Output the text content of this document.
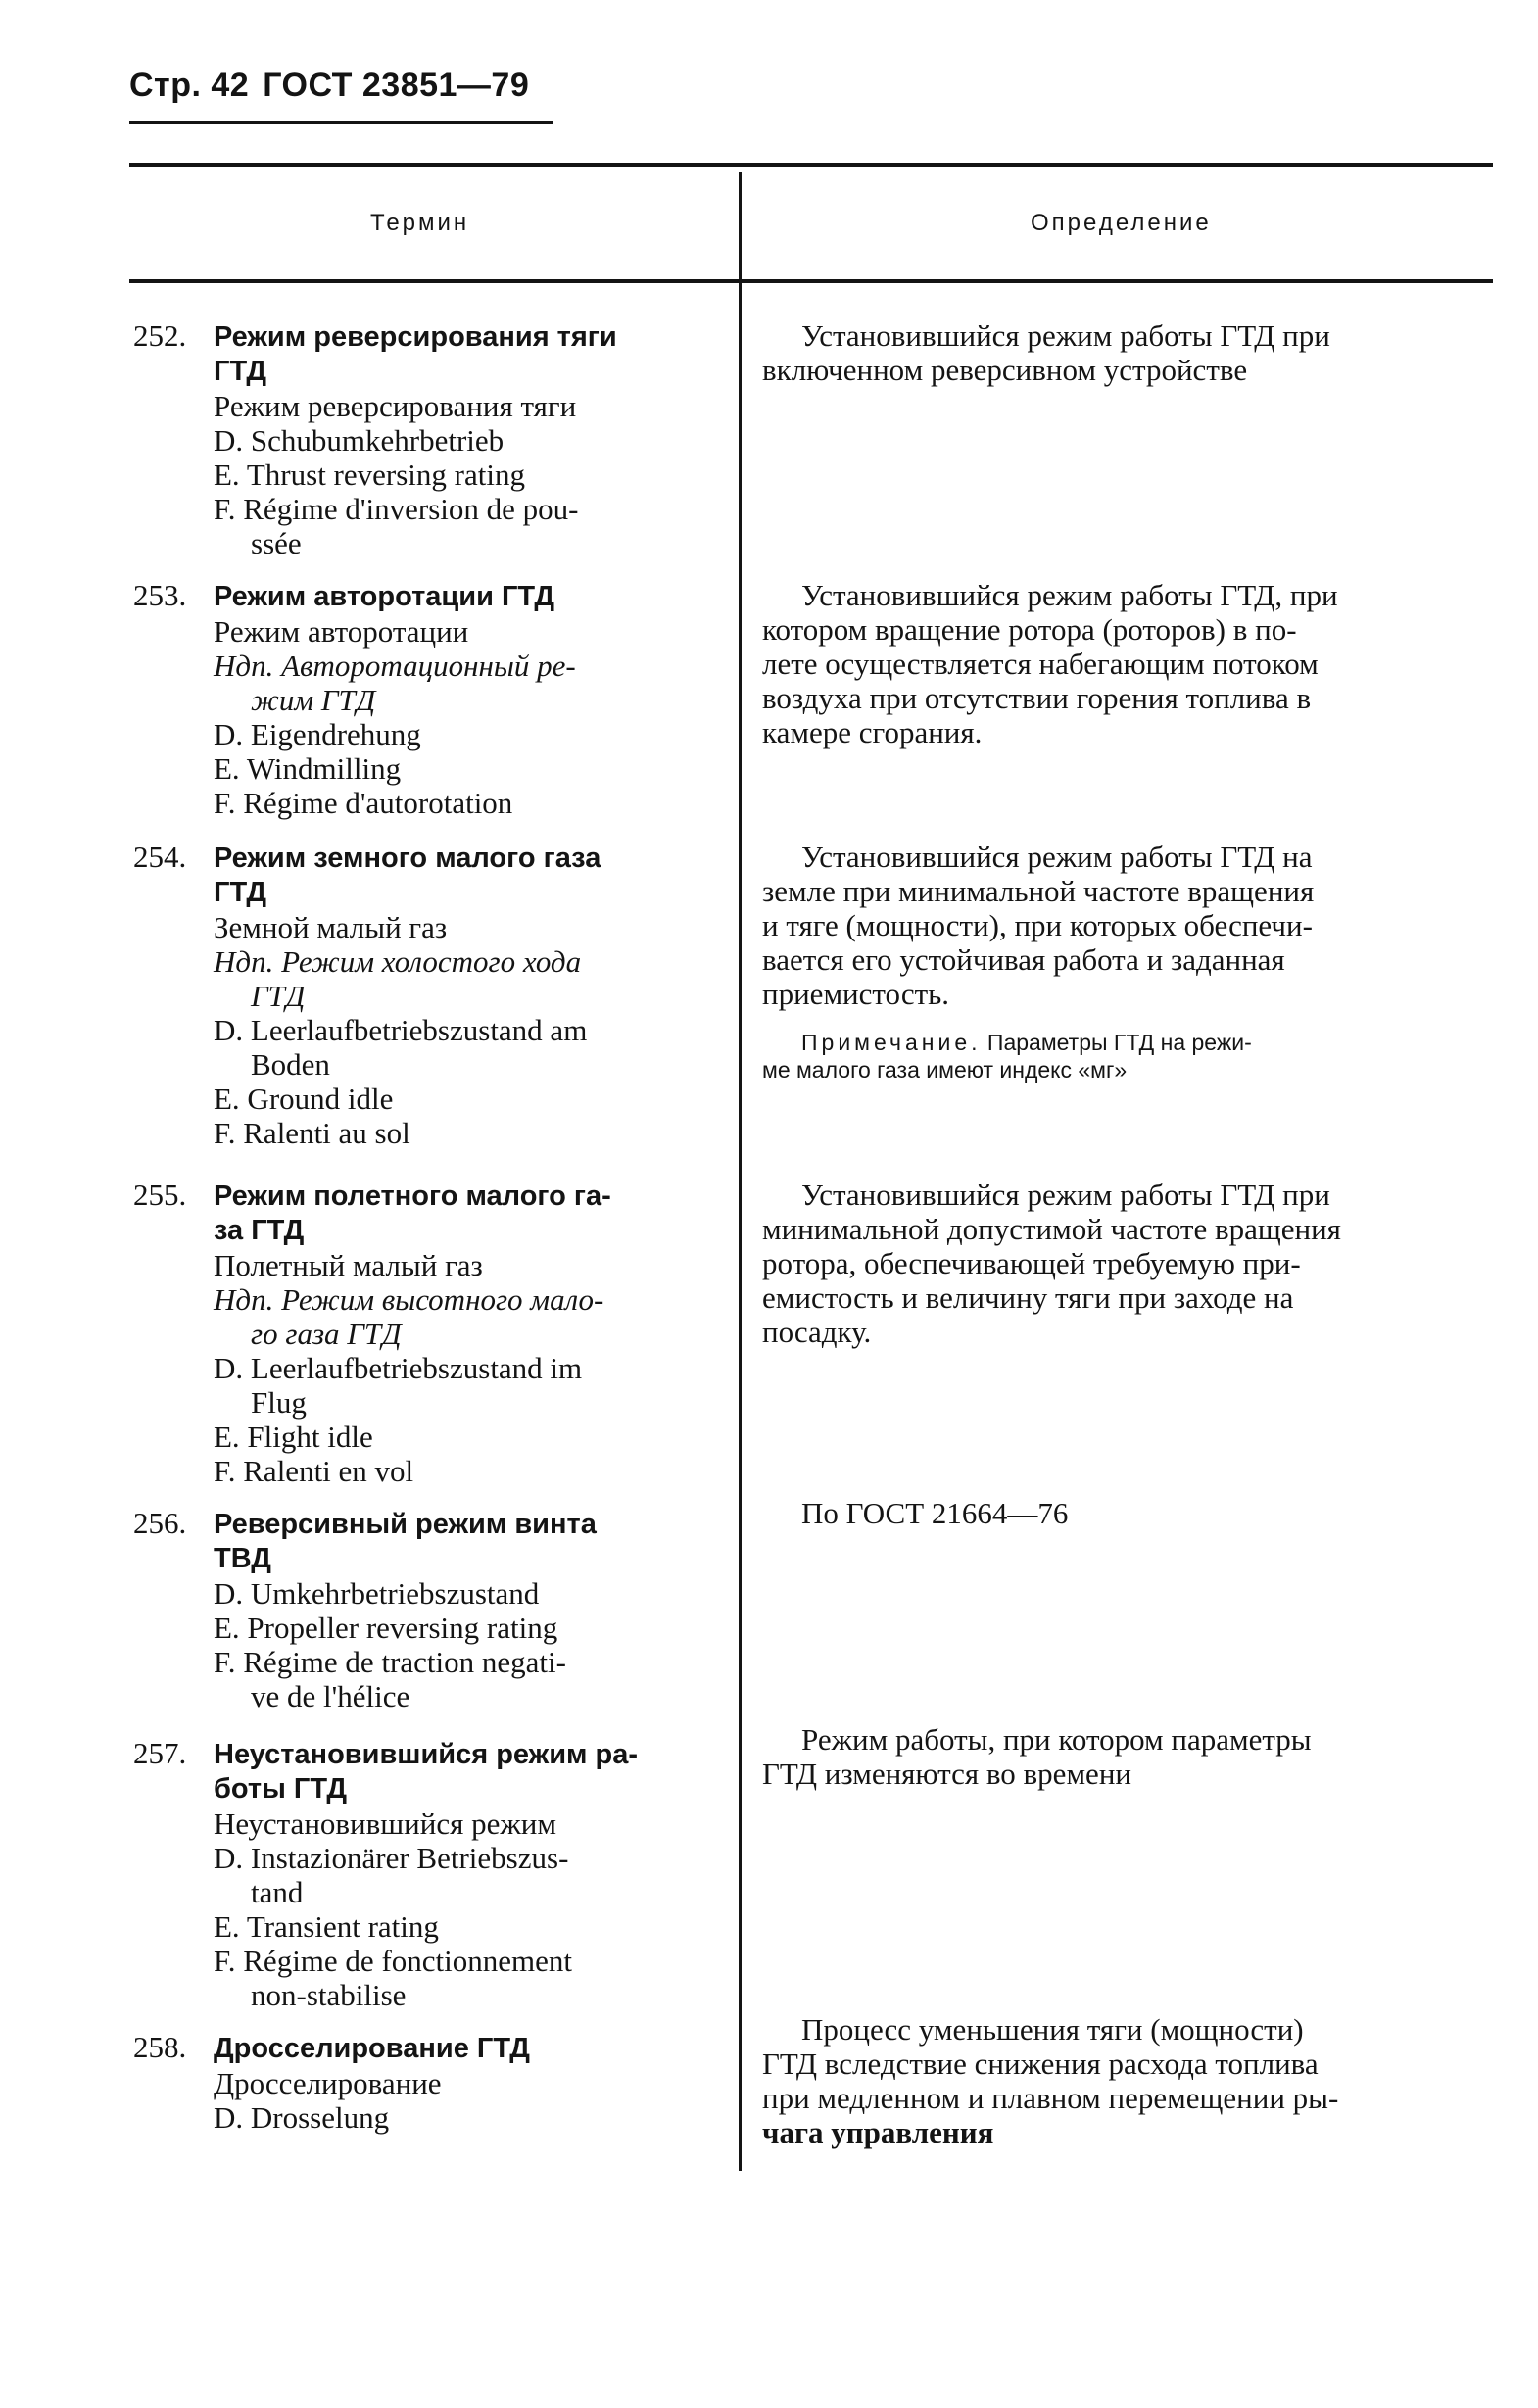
Стр. 42 ГОСТ 23851—79
Термин	Определение
252. Режим реверсирования тяги
ГТД
Режим реверсирования тяги
D. Schubumkehrbetrieb
E. Thrust reversing rating
F. Régime d'inversion de pou-
ssée
Установившийся режим работы ГТД при
включенном реверсивном устройстве
253. Режим авторотации ГТД
Режим авторотации
Ндп. Авторотационный ре-
жим ГТД
D. Eigendrehung
E. Windmilling
F. Régime d'autorotation
Установившийся режим работы ГТД, при
котором вращение ротора (роторов) в по-
лете осуществляется набегающим потоком
воздуха при отсутствии горения топлива в
камере сгорания.
254. Режим земного малого газа
ГТД
Земной малый газ
Ндп. Режим холостого хода
ГТД
D. Leerlaufbetriebszustand am
Boden
E. Ground idle
F. Ralenti au sol
Установившийся режим работы ГТД на
земле при минимальной частоте вращения
и тяге (мощности), при которых обеспечи-
вается его устойчивая работа и заданная
приемистость.
Примечание. Параметры ГТД на режи-
ме малого газа имеют индекс «мг»
255. Режим полетного малого га-
за ГТД
Полетный малый газ
Ндп. Режим высотного мало-
го газа ГТД
D. Leerlaufbetriebszustand im
Flug
E. Flight idle
F. Ralenti en vol
Установившийся режим работы ГТД при
минимальной допустимой частоте вращения
ротора, обеспечивающей требуемую при-
емистость и величину тяги при заходе на
посадку.
256. Реверсивный режим винта
ТВД
D. Umkehrbetriebszustand
E. Propeller reversing rating
F. Régime de traction negati-
ve de l'hélice
По ГОСТ 21664—76
257. Неустановившийся режим ра-
боты ГТД
Неустановившийся режим
D. Instazionärer Betriebszus-
tand
E. Transient rating
F. Régime de fonctionnement
non-stabilise
Режим работы, при котором параметры
ГТД изменяются во времени
258. Дросселирование ГТД
Дросселирование
D. Drosselung
Процесс уменьшения тяги (мощности)
ГТД вследствие снижения расхода топлива
при медленном и плавном перемещении ры-
чага управления
